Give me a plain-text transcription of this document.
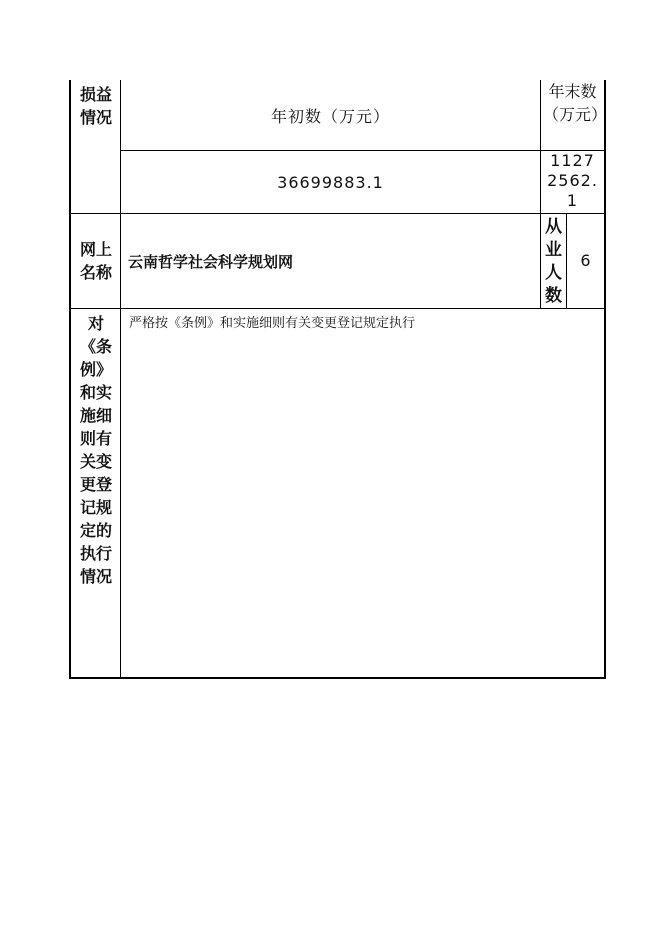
损益情况	年初数（万元）
年末数（万元）
36699883.1
11272562.1
网上名称
云南哲学社会科学规划网
从业人数
6
对《条例》和实施细则有关变更登记规定的执行情况
严格按《条例》和实施细则有关变更登记规定执行
